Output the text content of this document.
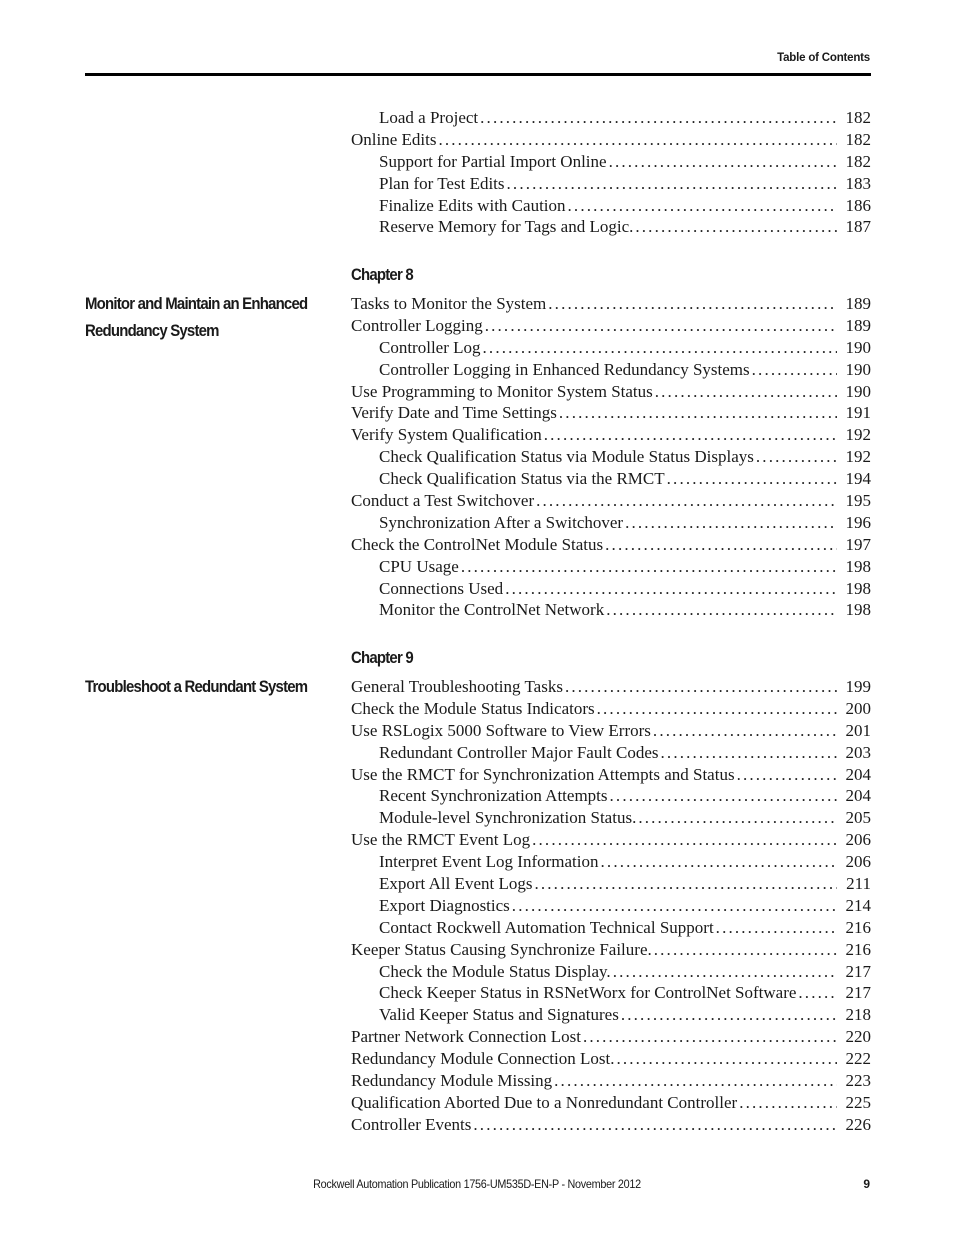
Table of Contents
Load a Project . . .	182
Online Edits . . .	182
Support for Partial Import Online . . .	182
Plan for Test Edits . . .	183
Finalize Edits with Caution . . .	186
Reserve Memory for Tags and Logic. . . .	187
Chapter 8
Monitor and Maintain an Enhanced Redundancy System
Tasks to Monitor the System . . .	189
Controller Logging . . .	189
Controller Log . . .	190
Controller Logging in Enhanced Redundancy Systems . . .	190
Use Programming to Monitor System Status . . .	190
Verify Date and Time Settings . . .	191
Verify System Qualification . . .	192
Check Qualification Status via Module Status Displays . . .	192
Check Qualification Status via the RMCT . . .	194
Conduct a Test Switchover . . .	195
Synchronization After a Switchover . . .	196
Check the ControlNet Module Status . . .	197
CPU Usage . . .	198
Connections Used . . .	198
Monitor the ControlNet Network . . .	198
Chapter 9
Troubleshoot a Redundant System	General Troubleshooting Tasks . . .	199
Check the Module Status Indicators . . .	200
Use RSLogix 5000 Software to View Errors . . .	201
Redundant Controller Major Fault Codes . . .	203
Use the RMCT for Synchronization Attempts and Status . . .	204
Recent Synchronization Attempts . . .	204
Module-level Synchronization Status. . . .	205
Use the RMCT Event Log . . .	206
Interpret Event Log Information . . .	206
Export All Event Logs . . .	211
Export Diagnostics . . .	214
Contact Rockwell Automation Technical Support . . .	216
Keeper Status Causing Synchronize Failure. . . .	216
Check the Module Status Display. . . .	217
Check Keeper Status in RSNetWorx for ControlNet Software . . .	217
Valid Keeper Status and Signatures . . .	218
Partner Network Connection Lost . . .	220
Redundancy Module Connection Lost. . . .	222
Redundancy Module Missing . . .	223
Qualification Aborted Due to a Nonredundant Controller . . .	225
Controller Events . . .	226
Rockwell Automation Publication 1756-UM535D-EN-P - November 2012	9
